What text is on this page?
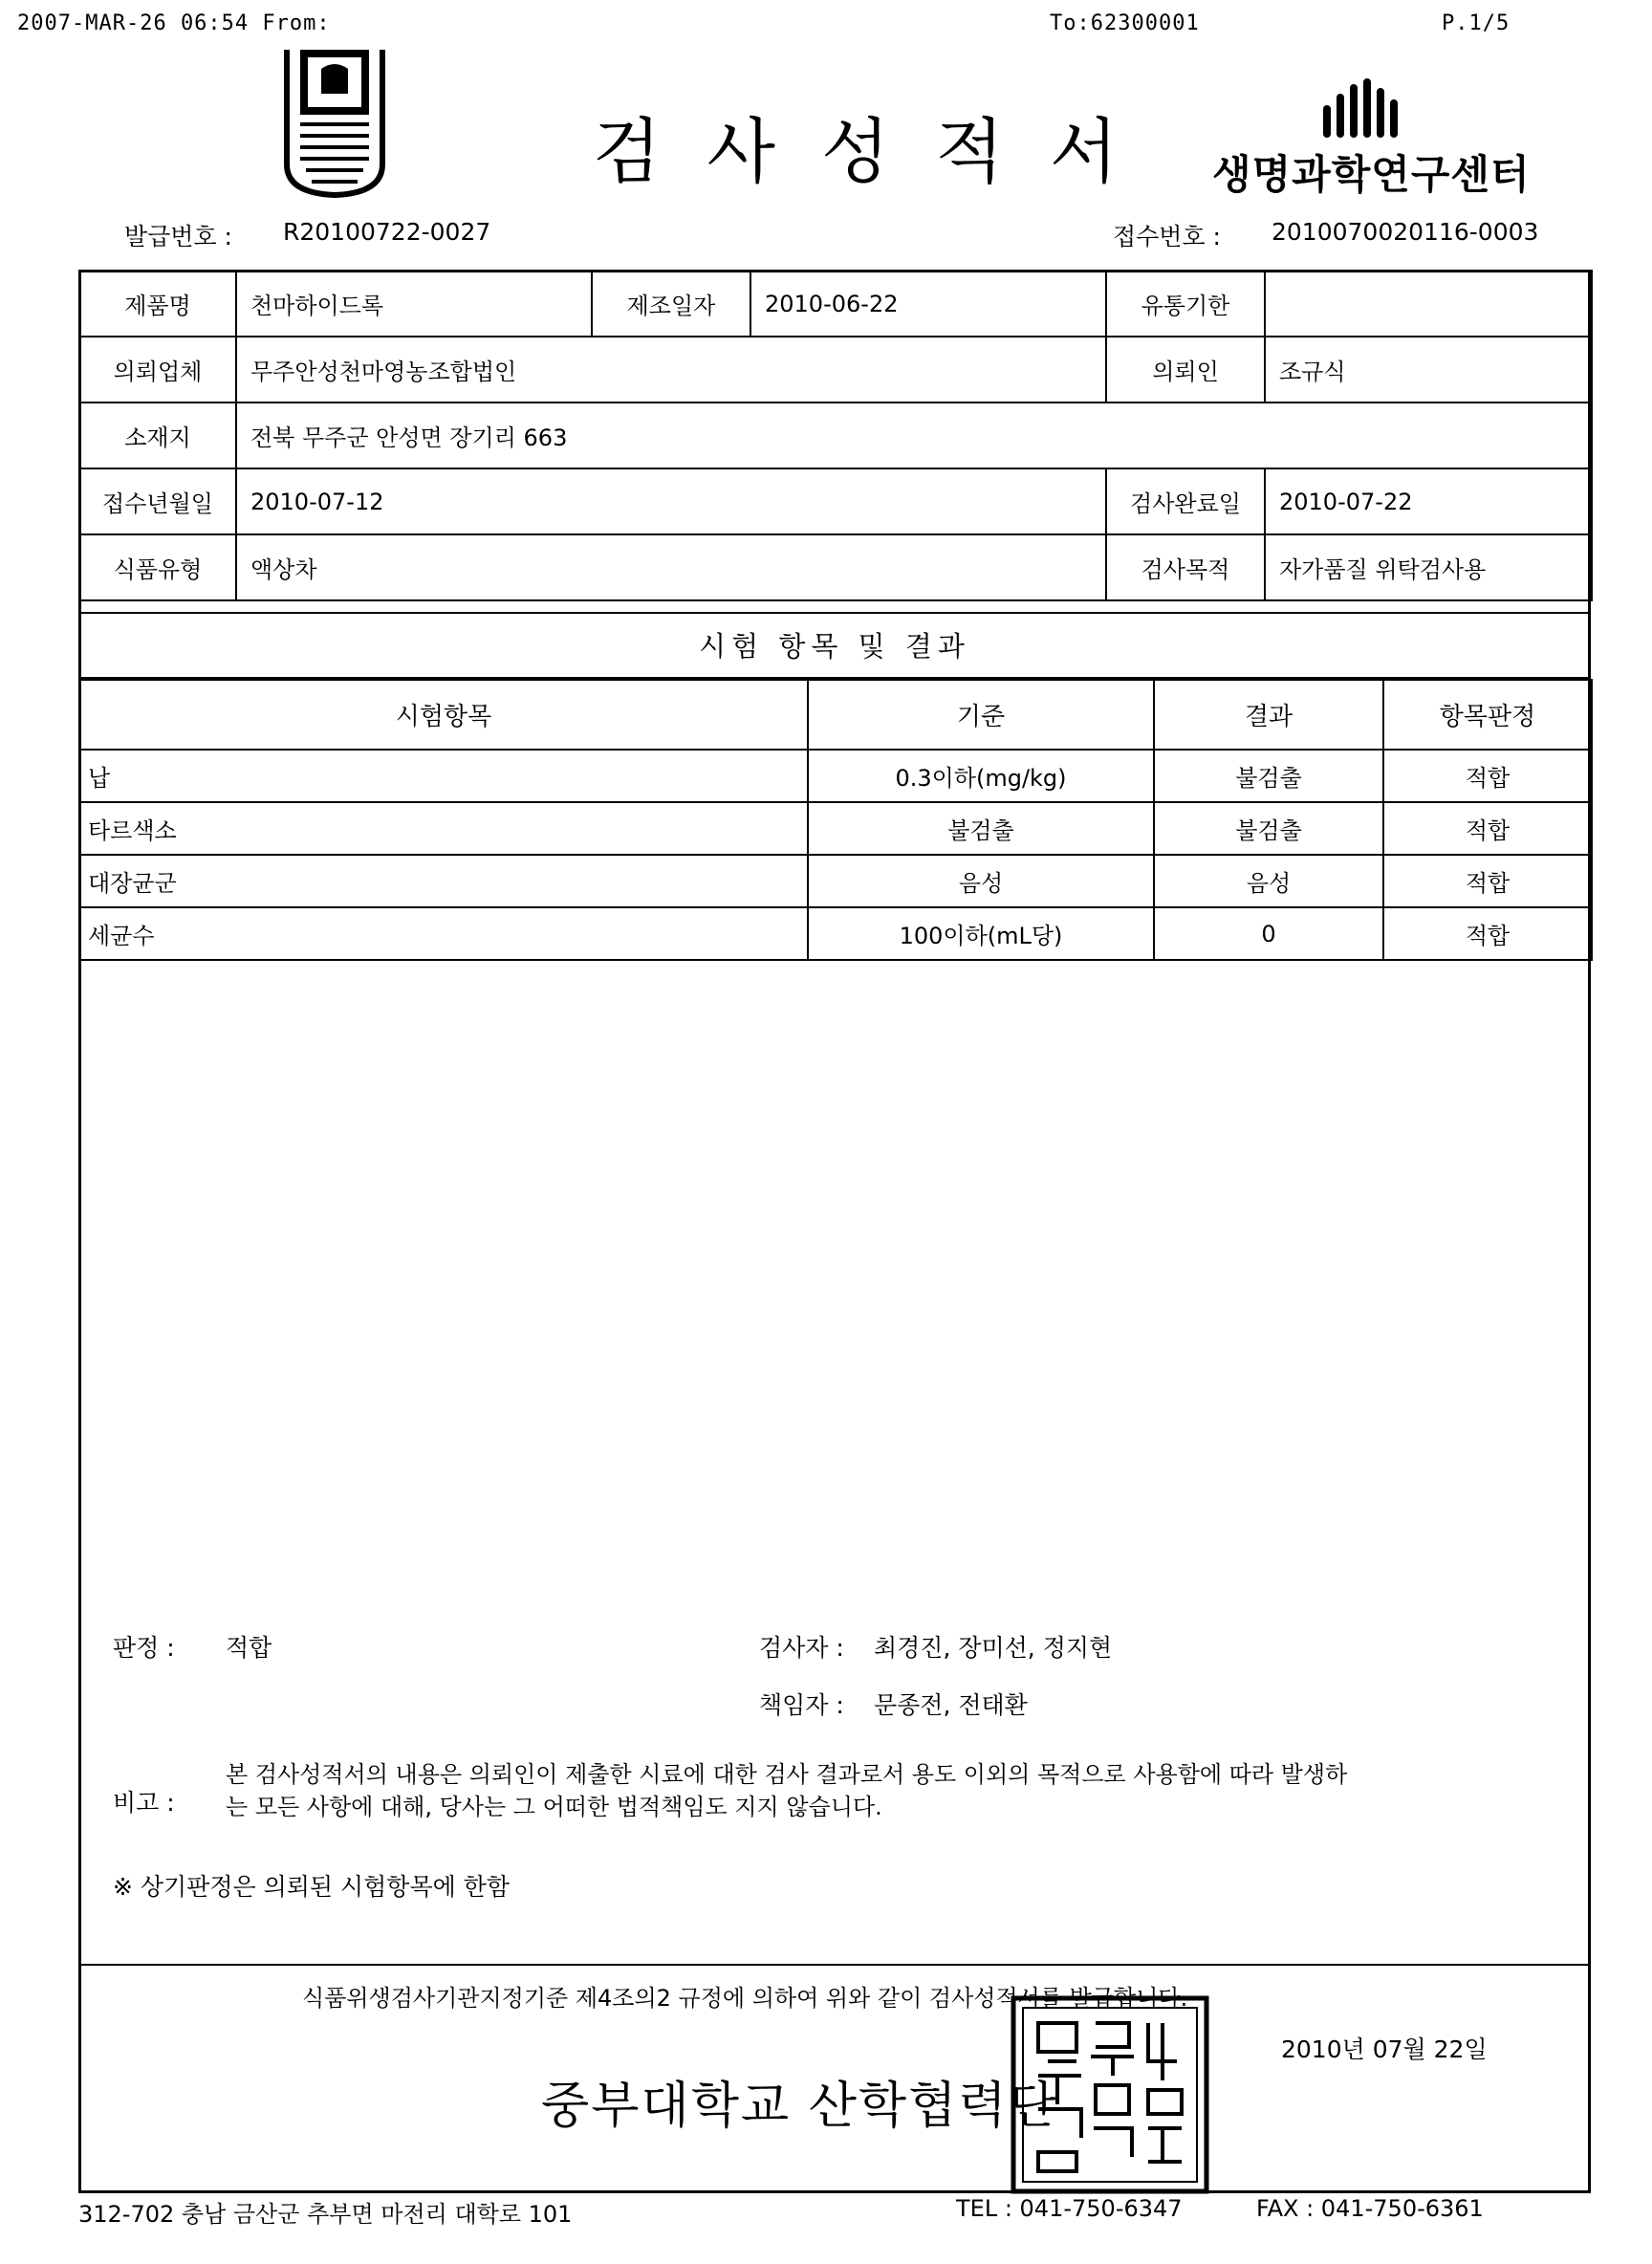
2007-MAR-26 06:54 From:	To:62300001	P.1/5
검사성적서 생명과학연구센터
발급번호 : R20100722-0027	접수번호 : 2010070020116-0003
제품명	천마하이드록	제조일자	2010-06-22	유통기한	
의뢰업체	무주안성천마영농조합법인			의뢰인	조규식
소재지	전북 무주군 안성면 장기리 663				
접수년월일	2010-07-12			검사완료일	2010-07-22
식품유형	액상차			검사목적	자가품질 위탁검사용
시험 항목 및 결과
시험항목	기준	결과	항목판정
납	0.3이하(mg/kg)	불검출	적합
타르색소	불검출	불검출	적합
대장균군	음성	음성	적합
세균수	100이하(mL당)	0	적합
판정 : 적합	검사자 : 최경진, 장미선, 정지현
책임자 : 문종전, 전태환
비고 :
본 검사성적서의 내용은 의뢰인이 제출한 시료에 대한 검사 결과로서 용도 이외의 목적으로 사용함에 따라 발생하
는 모든 사항에 대해, 당사는 그 어떠한 법적책임도 지지 않습니다.
※ 상기판정은 의뢰된 시험항목에 한함
식품위생검사기관지정기준 제4조의2 규정에 의하여 위와 같이 검사성적서를 발급합니다.
2010년 07월 22일
중부대학교 산학협력단
312-702 충남 금산군 추부면 마전리 대학로 101	TEL : 041-750-6347	FAX : 041-750-6361
